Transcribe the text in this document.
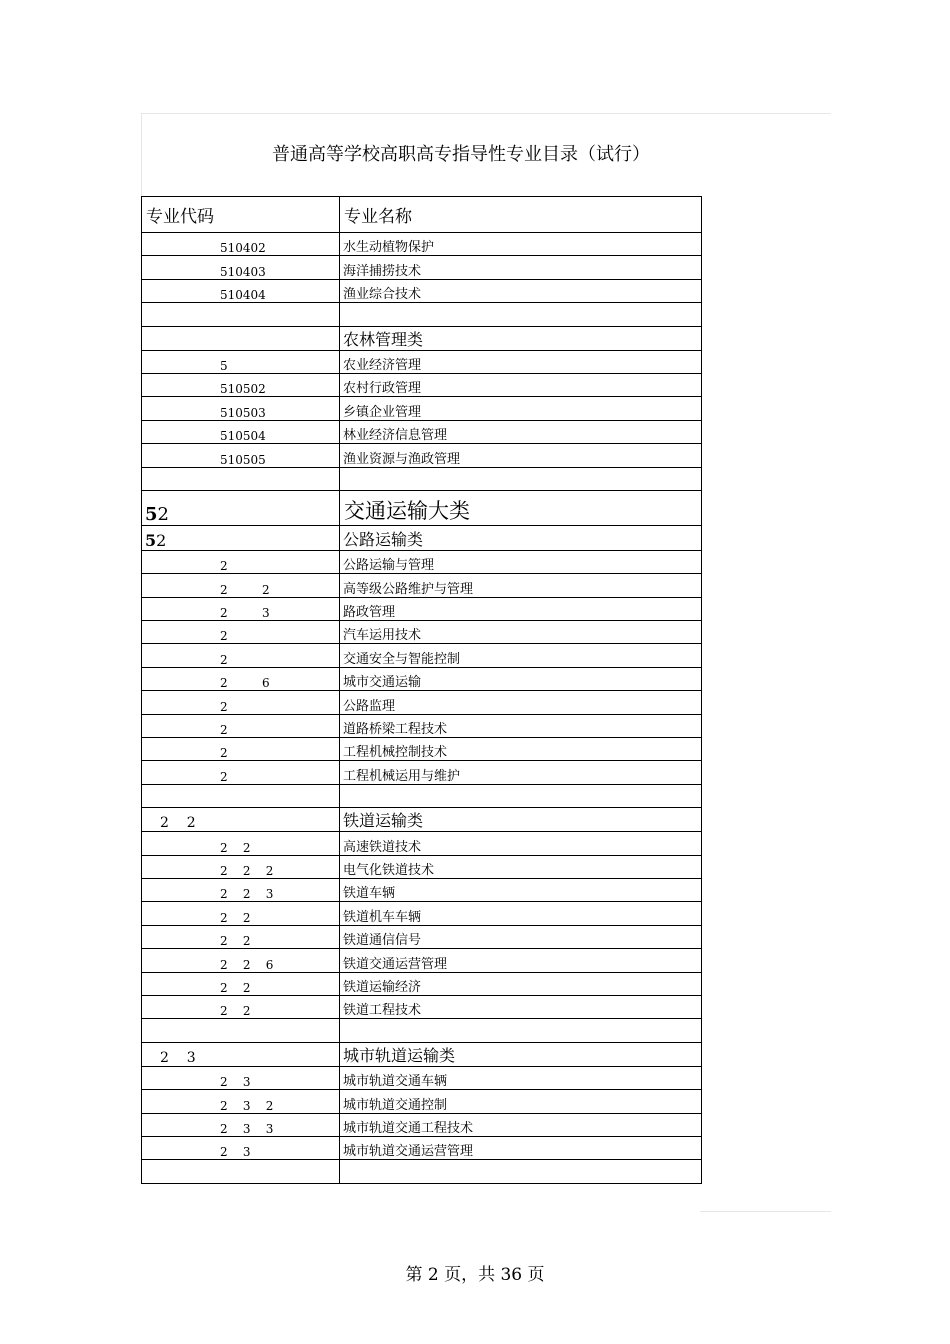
普通高等学校高职高专指导性专业目录（试行）
专业代码	专业名称
510402	水生动植物保护
510403	海洋捕捞技术
510404	渔业综合技术

	农林管理类
5	农业经济管理
510502	农村行政管理
510503	乡镇企业管理
510504	林业经济信息管理
510505	渔业资源与渔政管理

52	交通运输大类
52	公路运输类
2	公路运输与管理
2         2	高等级公路维护与管理
2         3	路政管理
2	汽车运用技术
2	交通安全与智能控制
2         6	城市交通运输
2	公路监理
2	道路桥梁工程技术
2	工程机械控制技术
2	工程机械运用与维护

2    2	铁道运输类
2    2	高速铁道技术
2    2    2	电气化铁道技术
2    2    3	铁道车辆
2    2	铁道机车车辆
2    2	铁道通信信号
2    2    6	铁道交通运营管理
2    2	铁道运输经济
2    2	铁道工程技术

2    3	城市轨道运输类
2    3	城市轨道交通车辆
2    3    2	城市轨道交通控制
2    3    3	城市轨道交通工程技术
2    3	城市轨道交通运营管理

第 2 页，共 36 页
